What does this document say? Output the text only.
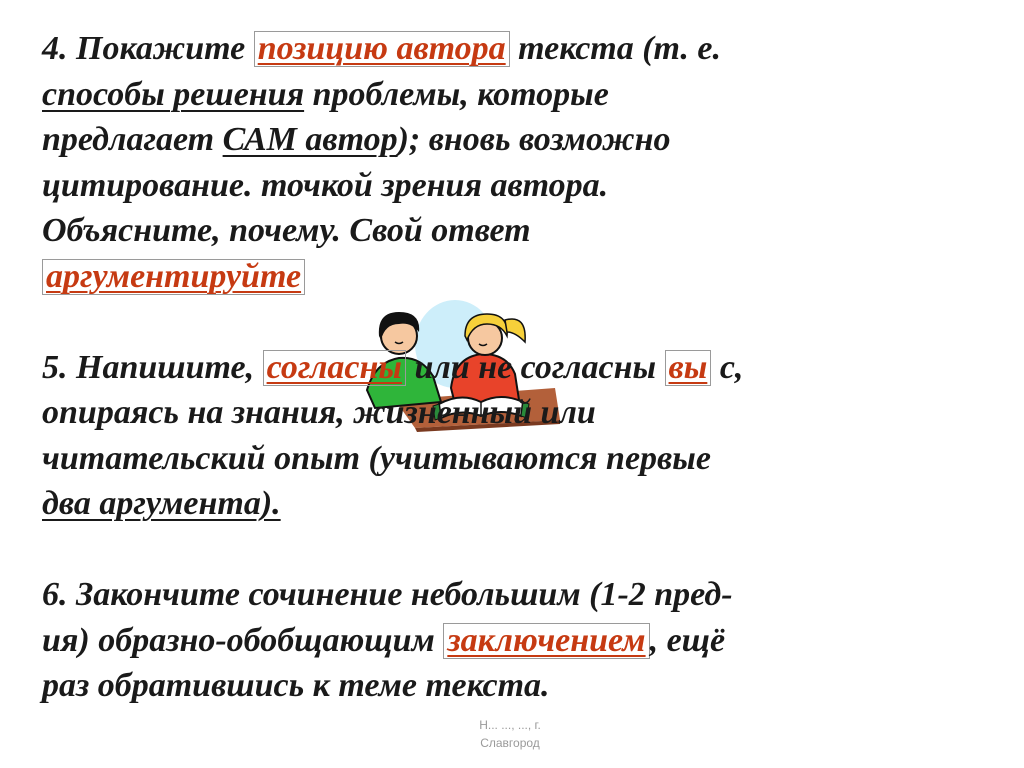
4. Покажите позицию автора текста (т. е.
способы решения проблемы, которые
предлагает САМ автор); вновь возможно
цитирование. точкой зрения автора.
Объясните, почему. Свой ответ
аргументируйте
5. Напишите, согласны или не согласны вы с,
опираясь на знания, жизненный или
читательский опыт (учитываются первые
два аргумента).
6. Закончите сочинение небольшим (1-2 пред-
ия) образно-обобщающим заключением , ещё
раз обратившись к теме текста.
Н... ..., ..., г.
Славгород
